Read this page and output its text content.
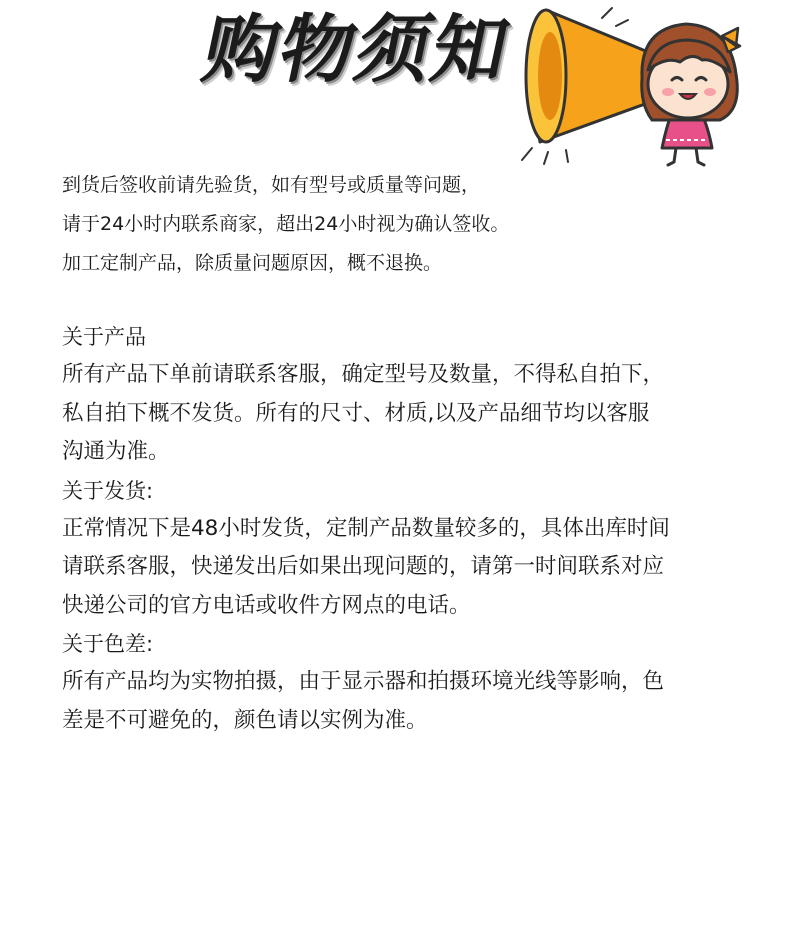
购物须知

到货后签收前请先验货，如有型号或质量等问题，

请于24小时内联系商家，超出24小时视为确认签收。

加工定制产品，除质量问题原因，概不退换。

关于产品

所有产品下单前请联系客服，确定型号及数量，不得私自拍下，

私自拍下概不发货。所有的尺寸、材质,以及产品细节均以客服

沟通为准。

关于发货:

正常情况下是48小时发货，定制产品数量较多的，具体出库时间

请联系客服，快递发出后如果出现问题的，请第一时间联系对应

快递公司的官方电话或收件方网点的电话。

关于色差:

所有产品均为实物拍摄，由于显示器和拍摄环境光线等影响，色

差是不可避免的，颜色请以实例为准。
